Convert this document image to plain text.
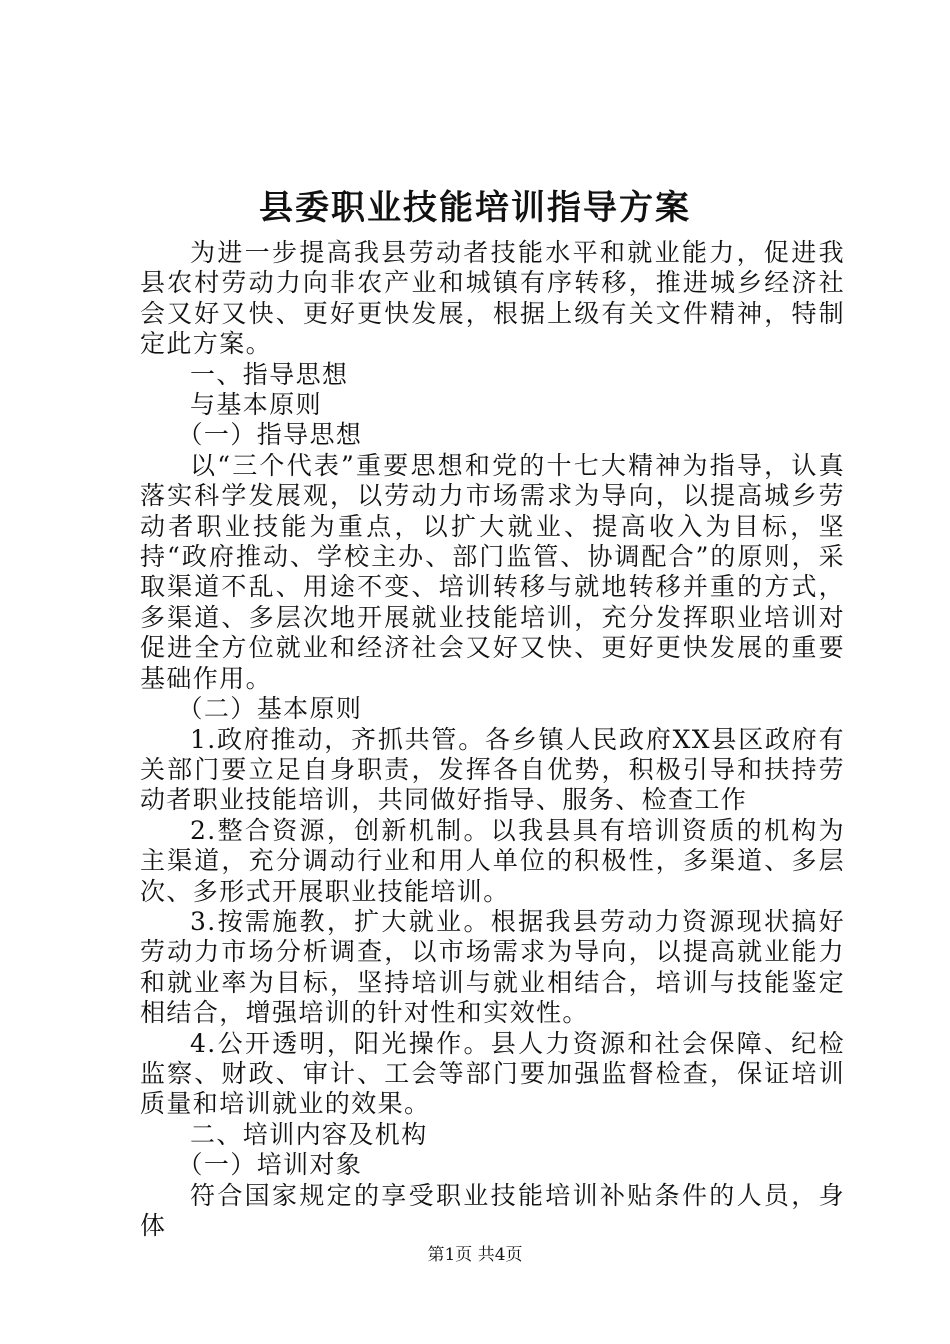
县委职业技能培训指导方案

为进一步提高我县劳动者技能水平和就业能力，促进我县农村劳动力向非农产业和城镇有序转移，推进城乡经济社会又好又快、更好更快发展，根据上级有关文件精神，特制定此方案。

一、指导思想

与基本原则

（一）指导思想

以“三个代表”重要思想和党的十七大精神为指导，认真落实科学发展观，以劳动力市场需求为导向，以提高城乡劳动者职业技能为重点，以扩大就业、提高收入为目标，坚持“政府推动、学校主办、部门监管、协调配合”的原则，采取渠道不乱、用途不变、培训转移与就地转移并重的方式，多渠道、多层次地开展就业技能培训，充分发挥职业培训对促进全方位就业和经济社会又好又快、更好更快发展的重要基础作用。

（二）基本原则

1.政府推动，齐抓共管。各乡镇人民政府XX县区政府有关部门要立足自身职责，发挥各自优势，积极引导和扶持劳动者职业技能培训，共同做好指导、服务、检查工作

2.整合资源，创新机制。以我县具有培训资质的机构为主渠道，充分调动行业和用人单位的积极性，多渠道、多层次、多形式开展职业技能培训。

3.按需施教，扩大就业。根据我县劳动力资源现状搞好劳动力市场分析调查，以市场需求为导向，以提高就业能力和就业率为目标，坚持培训与就业相结合，培训与技能鉴定相结合，增强培训的针对性和实效性。

4.公开透明，阳光操作。县人力资源和社会保障、纪检监察、财政、审计、工会等部门要加强监督检查，保证培训质量和培训就业的效果。

二、培训内容及机构

（一）培训对象

符合国家规定的享受职业技能培训补贴条件的人员，身体

第1页 共4页
